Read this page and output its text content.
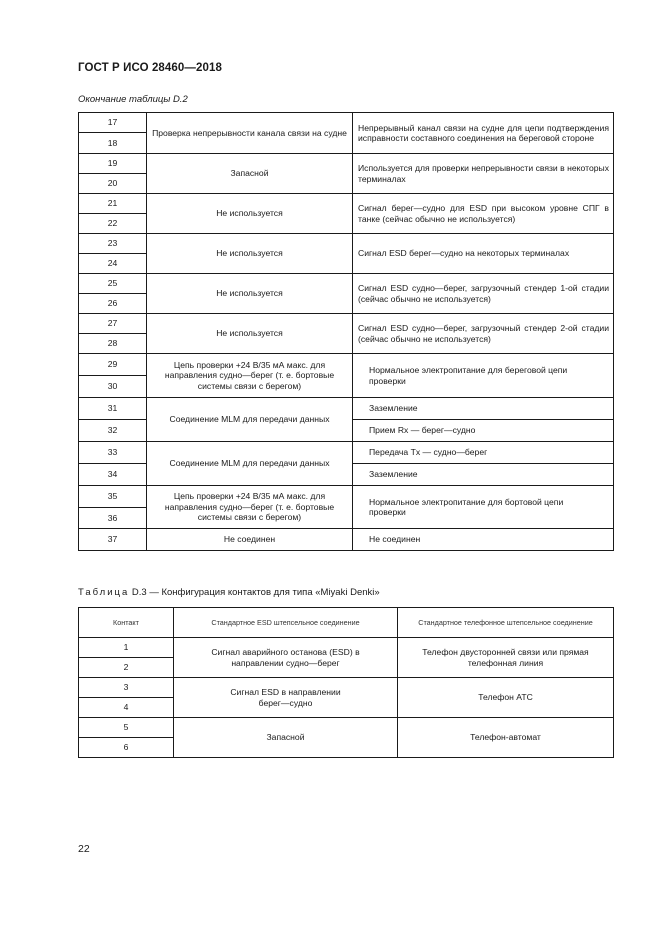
ГОСТ Р ИСО 28460—2018
Окончание таблицы D.2
17	Проверка непрерывности канала связи на судне	Непрерывный канал связи на судне для цепи подтверждения исправности составного соединения на береговой стороне
18		
19	Запасной	Используется для проверки непрерывности связи в некоторых терминалах
20		
21	Не используется	Сигнал берег—судно для ESD при высоком уровне СПГ в танке (сейчас обычно не используется)
22		
23	Не используется	Сигнал ESD берег—судно на некоторых терминалах
24		
25	Не используется	Сигнал ESD судно—берег, загрузочный стендер 1-ой стадии (сейчас обычно не используется)
26		
27	Не используется	Сигнал ESD судно—берег, загрузочный стендер 2-ой стадии (сейчас обычно не используется)
28		
29	Цепь проверки +24 В/35 мА макс. для направления судно—берег (т. е. бортовые системы связи с берегом)	Нормальное электропитание для береговой цепи проверки
30		
31	Соединение MLM для передачи данных	Заземление
32		Прием Rx — берег—судно
33	Соединение MLM для передачи данных	Передача Tx — судно—берег
34		Заземление
35	Цепь проверки +24 В/35 мА макс. для направления судно—берег (т. е. бортовые системы связи с берегом)	Нормальное электропитание для бортовой цепи проверки
36		
37	Не соединен	Не соединен
Таблица D.3 — Конфигурация контактов для типа «Miyaki Denki»
Контакт	Стандартное ESD штепсельное соединение	Стандартное телефонное штепсельное соединение
1	Сигнал аварийного останова (ESD) в направлении судно—берег	Телефон двусторонней связи или прямая телефонная линия
2		
3	Сигнал ESD в направлении берег—судно	Телефон АТС
4		
5	Запасной	Телефон-автомат
6		
22
